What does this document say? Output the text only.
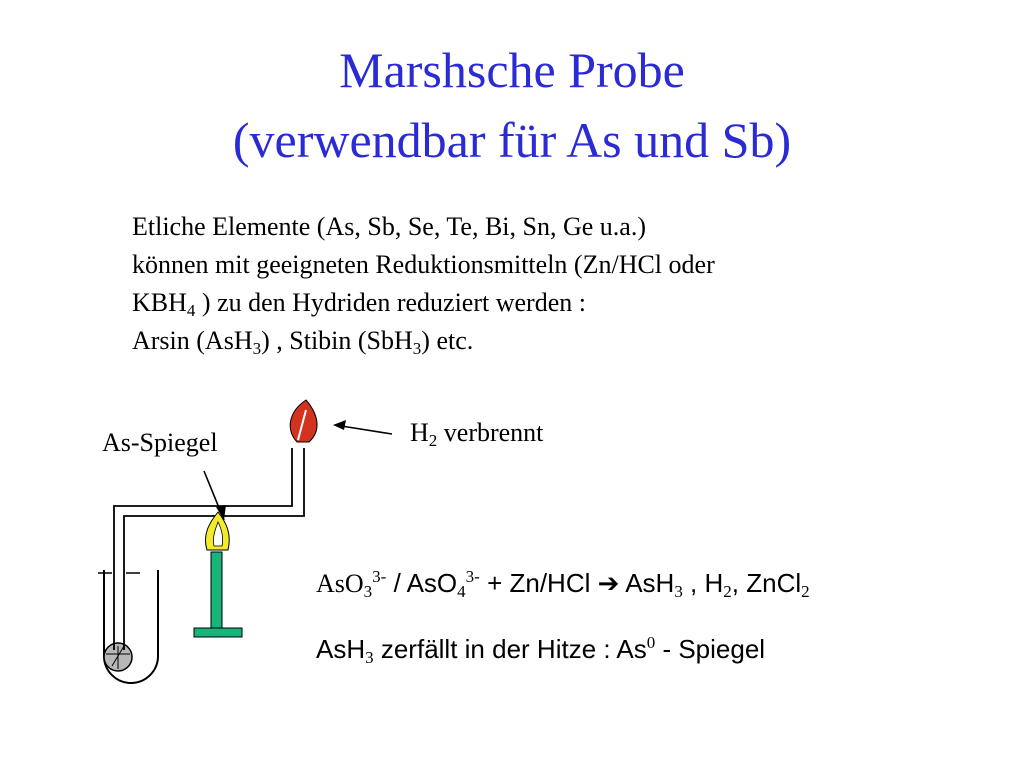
Marshsche Probe
(verwendbar für As und Sb)
Etliche Elemente (As, Sb, Se, Te, Bi, Sn, Ge u.a.)
können mit geeigneten Reduktionsmitteln (Zn/HCl oder
$KBH_4$ ) zu den Hydriden reduziert werden :
Arsin (AsH$_3$) , Stibin (SbH$_3$) etc.
As-Spiegel	$H_2$ verbrennt
AsO$_3^{3-}$ / AsO$_4^{3-}$ + Zn/HCl ➔ AsH$_3$ , $H_2$, ZnCl$_2$
AsH$_3$ zerfällt in der Hitze : As$^0$ - Spiegel
